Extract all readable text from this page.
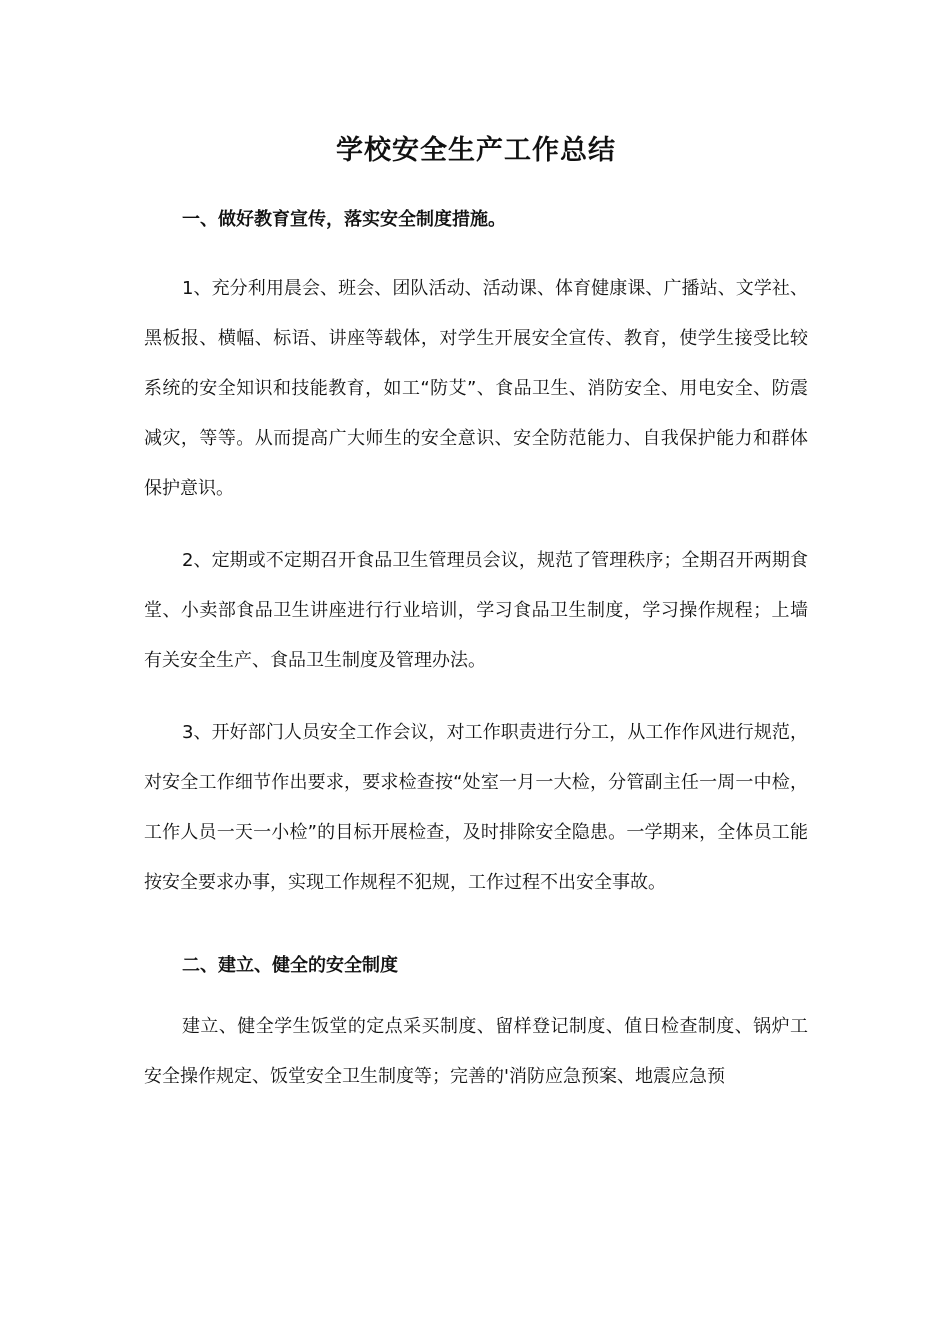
学校安全生产工作总结
一、做好教育宣传，落实安全制度措施。

1、充分利用晨会、班会、团队活动、活动课、体育健康课、广播站、文学社、黑板报、横幅、标语、讲座等载体，对学生开展安全宣传、教育，使学生接受比较系统的安全知识和技能教育，如工“防艾”、食品卫生、消防安全、用电安全、防震减灾，等等。从而提高广大师生的安全意识、安全防范能力、自我保护能力和群体保护意识。

2、定期或不定期召开食品卫生管理员会议，规范了管理秩序；全期召开两期食堂、小卖部食品卫生讲座进行行业培训，学习食品卫生制度，学习操作规程；上墙有关安全生产、食品卫生制度及管理办法。

3、开好部门人员安全工作会议，对工作职责进行分工，从工作作风进行规范，对安全工作细节作出要求，要求检查按“处室一月一大检，分管副主任一周一中检，工作人员一天一小检”的目标开展检查，及时排除安全隐患。一学期来，全体员工能按安全要求办事，实现工作规程不犯规，工作过程不出安全事故。

二、建立、健全的安全制度

建立、健全学生饭堂的定点采买制度、留样登记制度、值日检查制度、锅炉工安全操作规定、饭堂安全卫生制度等；完善的'消防应急预案、地震应急预
